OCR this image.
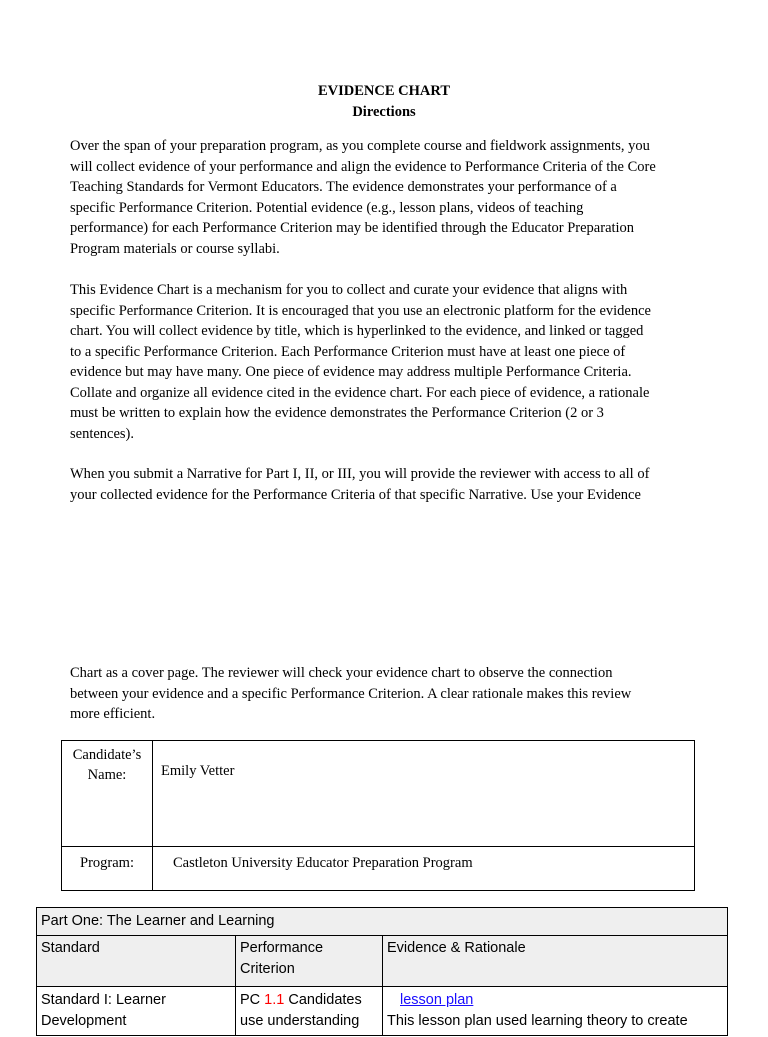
EVIDENCE CHART
Directions

Over the span of your preparation program, as you complete course and fieldwork assignments, you
will collect evidence of your performance and align the evidence to Performance Criteria of the Core
Teaching Standards for Vermont Educators. The evidence demonstrates your performance of a
specific Performance Criterion. Potential evidence (e.g., lesson plans, videos of teaching
performance) for each Performance Criterion may be identified through the Educator Preparation
Program materials or course syllabi.

This Evidence Chart is a mechanism for you to collect and curate your evidence that aligns with
specific Performance Criterion. It is encouraged that you use an electronic platform for the evidence
chart. You will collect evidence by title, which is hyperlinked to the evidence, and linked or tagged
to a specific Performance Criterion. Each Performance Criterion must have at least one piece of
evidence but may have many. One piece of evidence may address multiple Performance Criteria.
Collate and organize all evidence cited in the evidence chart. For each piece of evidence, a rationale
must be written to explain how the evidence demonstrates the Performance Criterion (2 or 3
sentences).

When you submit a Narrative for Part I, II, or III, you will provide the reviewer with access to all of
your collected evidence for the Performance Criteria of that specific Narrative. Use your Evidence

Chart as a cover page. The reviewer will check your evidence chart to observe the connection
between your evidence and a specific Performance Criterion. A clear rationale makes this review
more efficient.

Candidate’s
Name:	Emily Vetter
Program:	Castleton University Educator Preparation Program
Part One: The Learner and Learning		
Standard	Performance Criterion	Evidence & Rationale
Standard I: Learner Development	PC 1.1 Candidates use understanding	lesson plan
This lesson plan used learning theory to create
